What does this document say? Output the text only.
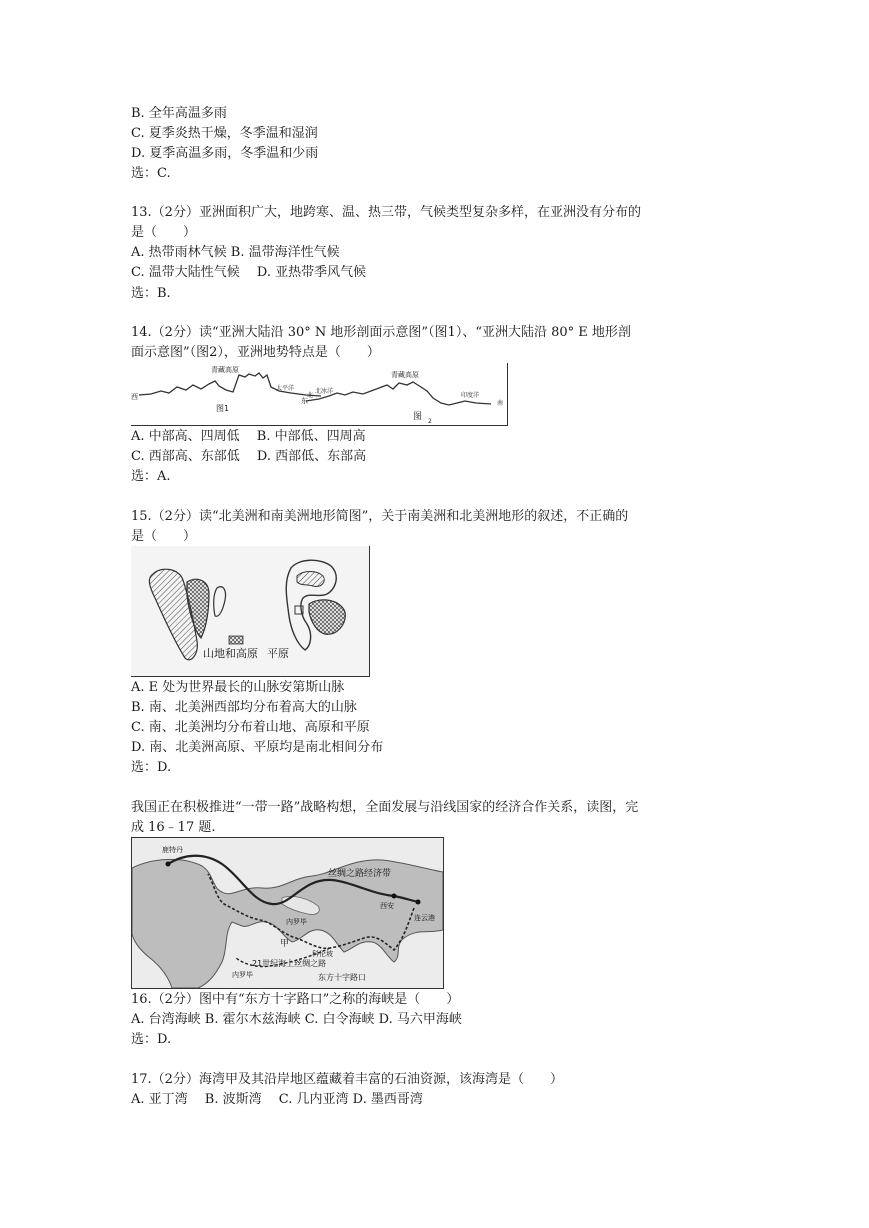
B. 全年高温多雨
C. 夏季炎热干燥，冬季温和湿润
D. 夏季高温多雨，冬季温和少雨
选：C.
13.（2分）亚洲面积广大，地跨寒、温、热三带，气候类型复杂多样，在亚洲没有分布的
是（　　）
A. 热带雨林气候 B. 温带海洋性气候
C. 温带大陆性气候　 D. 亚热带季风气候
选：B.
14.（2分）读“亚洲大陆沿 30° N 地形剖面示意图”（图1）、“亚洲大陆沿 80° E 地形剖
面示意图”（图2），亚洲地势特点是（　　）
西
青藏高原
太平洋
东
图1
北
北冰洋
青藏高原
印度洋
南
图 2
A. 中部高、四周低　 B. 中部低、四周高
C. 西部高、东部低　 D. 西部低、东部高
选：A.
15.（2分）读“北美洲和南美洲地形简图”，关于南美洲和北美洲地形的叙述，不正确的
是（　　）
山地和高原 平原
A. E 处为世界最长的山脉安第斯山脉
B. 南、北美洲西部均分布着高大的山脉
C. 南、北美洲均分布着山地、高原和平原
D. 南、北美洲高原、平原均是南北相间分布
选：D.
我国正在积极推进“一带一路”战略构想，全面发展与沿线国家的经济合作关系，读图，完
成 16﹣17 题.
鹿特丹
丝绸之路经济带
西安
连云港
内罗毕
甲
科伦坡
21世纪海上丝绸之路
内罗毕	东方十字路口
16.（2分）图中有“东方十字路口”之称的海峡是（　　）
A. 台湾海峡 B. 霍尔木兹海峡 C. 白令海峡 D. 马六甲海峡
选：D.
17.（2分）海湾甲及其沿岸地区蕴藏着丰富的石油资源，该海湾是（　　）
A. 亚丁湾　 B. 波斯湾　 C. 几内亚湾 D. 墨西哥湾
